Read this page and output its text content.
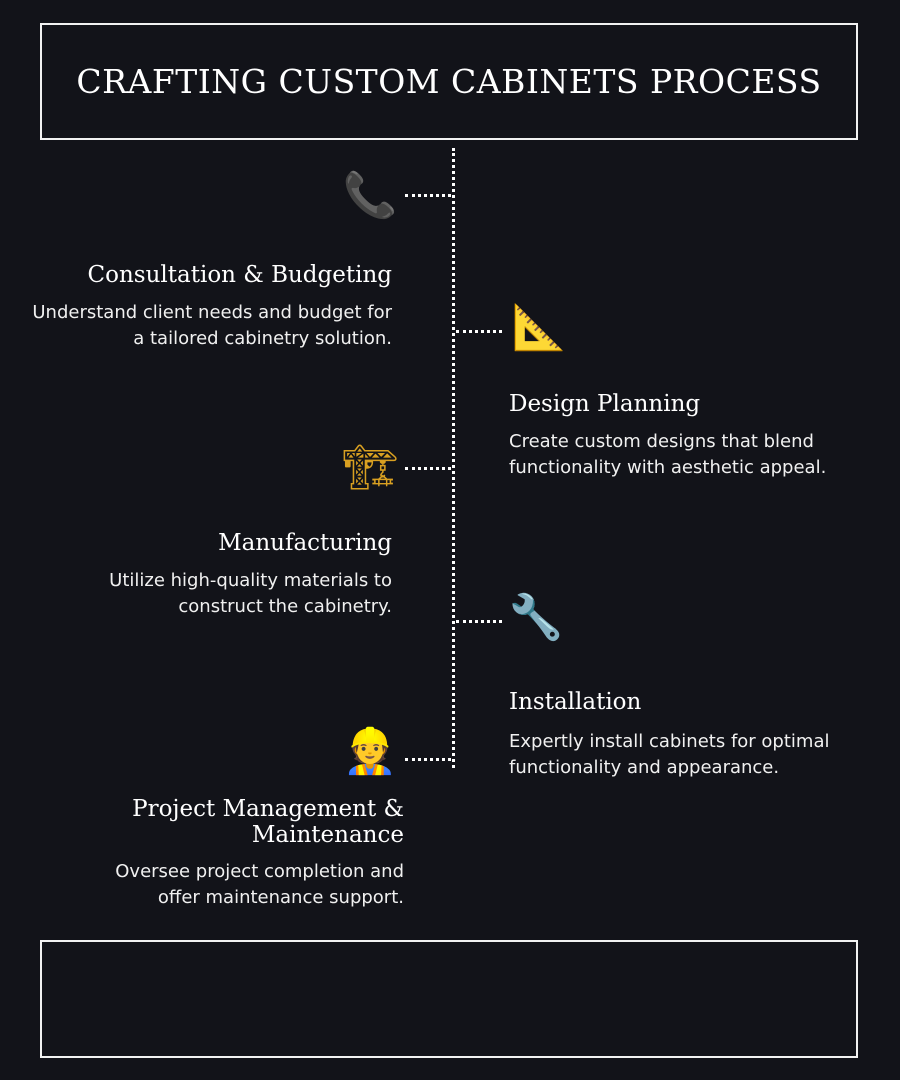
CRAFTING CUSTOM CABINETS PROCESS
📞
Consultation & Budgeting
Understand client needs and budget for a tailored cabinetry solution.	📐
Design Planning
Create custom designs that blend functionality with aesthetic appeal.
🏗
Manufacturing
Utilize high-quality materials to construct the cabinetry.	🔧
Installation
Expertly install cabinets for optimal functionality and appearance.
👷
Project Management & Maintenance
Oversee project completion and offer maintenance support.
